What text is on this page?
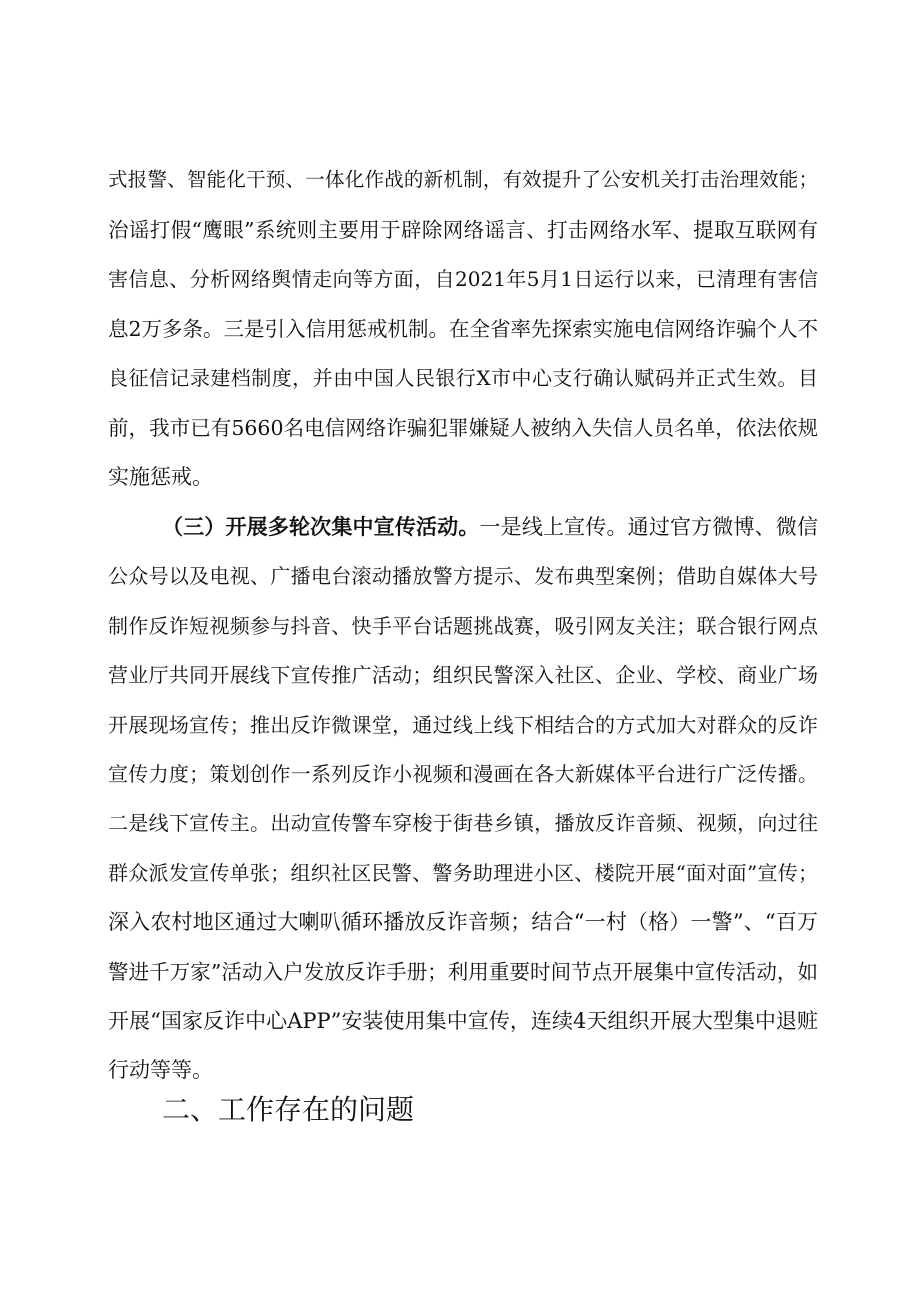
式报警、智能化干预、一体化作战的新机制，有效提升了公安机关打击治理效能；
治谣打假“鹰眼”系统则主要用于辟除网络谣言、打击网络水军、提取互联网有
害信息、分析网络舆情走向等方面，自2021年5月1日运行以来，已清理有害信
息2万多条。三是引入信用惩戒机制。在全省率先探索实施电信网络诈骗个人不
良征信记录建档制度，并由中国人民银行X市中心支行确认赋码并正式生效。目
前，我市已有5660名电信网络诈骗犯罪嫌疑人被纳入失信人员名单，依法依规
实施惩戒。
（三）开展多轮次集中宣传活动。一是线上宣传。通过官方微博、微信
公众号以及电视、广播电台滚动播放警方提示、发布典型案例；借助自媒体大号
制作反诈短视频参与抖音、快手平台话题挑战赛，吸引网友关注；联合银行网点
营业厅共同开展线下宣传推广活动；组织民警深入社区、企业、学校、商业广场
开展现场宣传；推出反诈微课堂，通过线上线下相结合的方式加大对群众的反诈
宣传力度；策划创作一系列反诈小视频和漫画在各大新媒体平台进行广泛传播。
二是线下宣传主。出动宣传警车穿梭于街巷乡镇，播放反诈音频、视频，向过往
群众派发宣传单张；组织社区民警、警务助理进小区、楼院开展“面对面”宣传；
深入农村地区通过大喇叭循环播放反诈音频；结合“一村（格）一警”、“百万
警进千万家”活动入户发放反诈手册；利用重要时间节点开展集中宣传活动，如
开展“国家反诈中心APP”安装使用集中宣传，连续4天组织开展大型集中退赃
行动等等。
二、工作存在的问题
